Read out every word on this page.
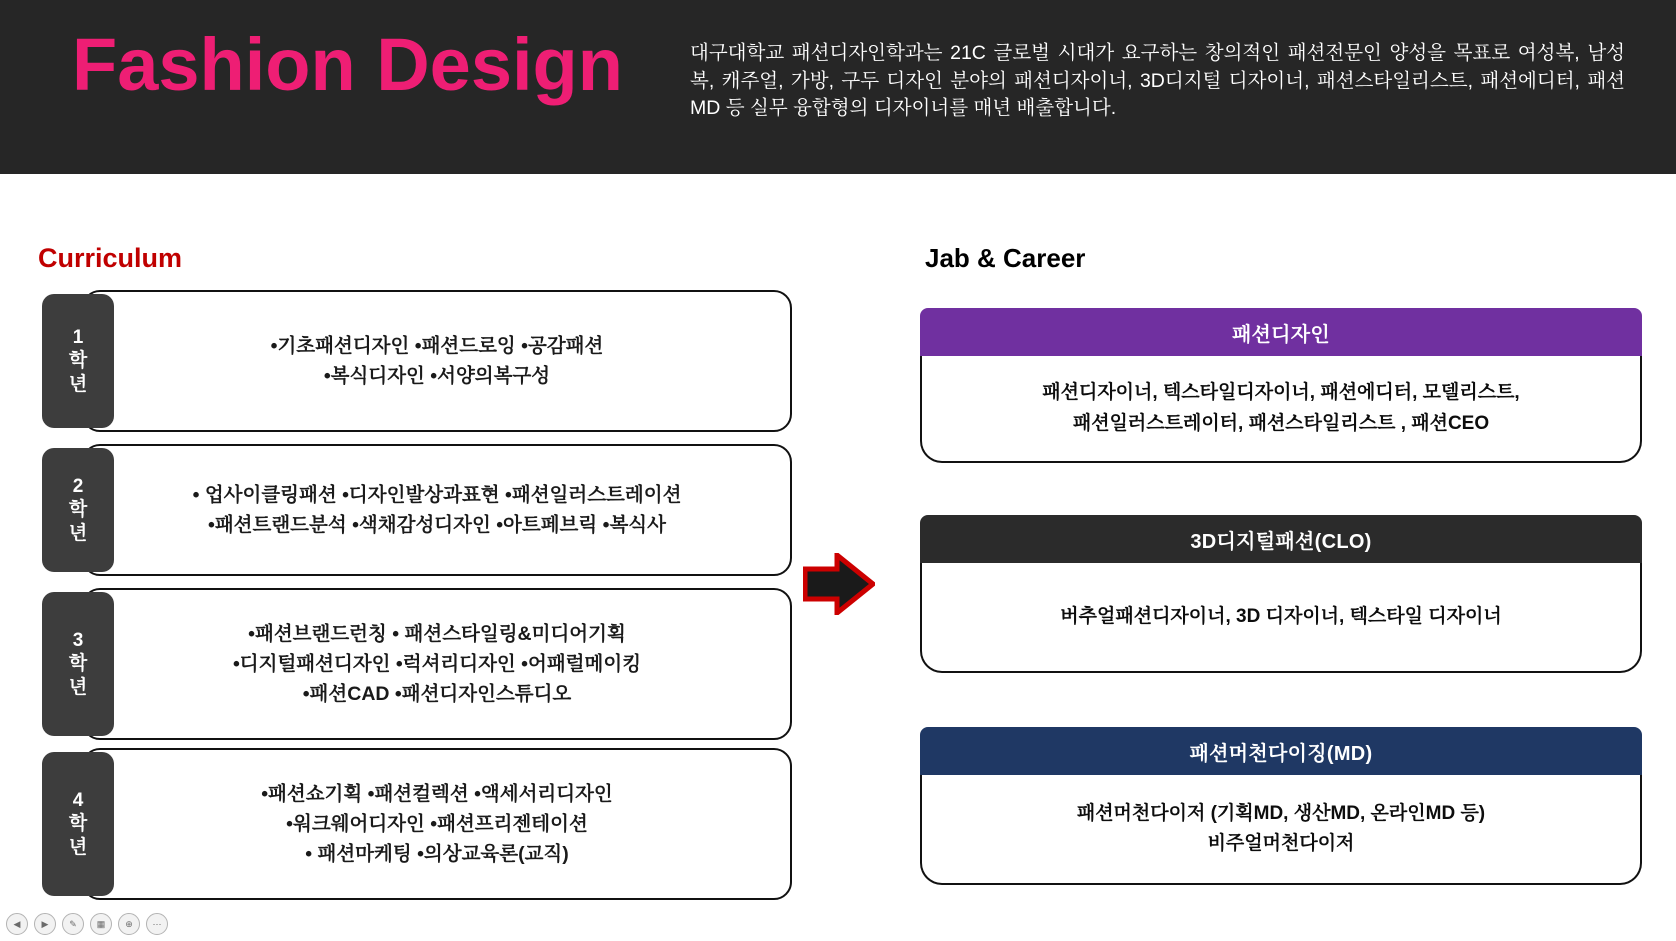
Fashion Design	대구대학교 패션디자인학과는 21C 글로벌 시대가 요구하는 창의적인 패션전문인 양성을 목표로 여성복, 남성복, 캐주얼, 가방, 구두 디자인 분야의 패션디자이너, 3D디지털 디자이너, 패션스타일리스트, 패션에디터, 패션 MD 등 실무 융합형의 디자이너를 매년 배출합니다.
Curriculum	Jab & Career
1
학
년
•기초패션디자인 •패션드로잉 •공감패션
•복식디자인 •서양의복구성
2
학
년
• 업사이클링패션 •디자인발상과표현 •패션일러스트레이션
•패션트랜드분석 •색채감성디자인 •아트페브릭 •복식사
3
학
년
•패션브랜드런칭 • 패션스타일링&미디어기획
•디지털패션디자인 •럭셔리디자인 •어패럴메이킹
•패션CAD •패션디자인스튜디오
4
학
년
•패션쇼기획 •패션컬렉션 •액세서리디자인
•워크웨어디자인 •패션프리젠테이션
• 패션마케팅 •의상교육론(교직)
패션디자인
패션디자이너, 텍스타일디자이너, 패션에디터, 모델리스트,
패션일러스트레이터, 패션스타일리스트 , 패션CEO
3D디지털패션(CLO)
버추얼패션디자이너, 3D 디자이너, 텍스타일 디자이너
패션머천다이징(MD)
패션머천다이저 (기획MD, 생산MD, 온라인MD 등)
비주얼머천다이저
◀	▶	✎	▦	⊕	⋯
